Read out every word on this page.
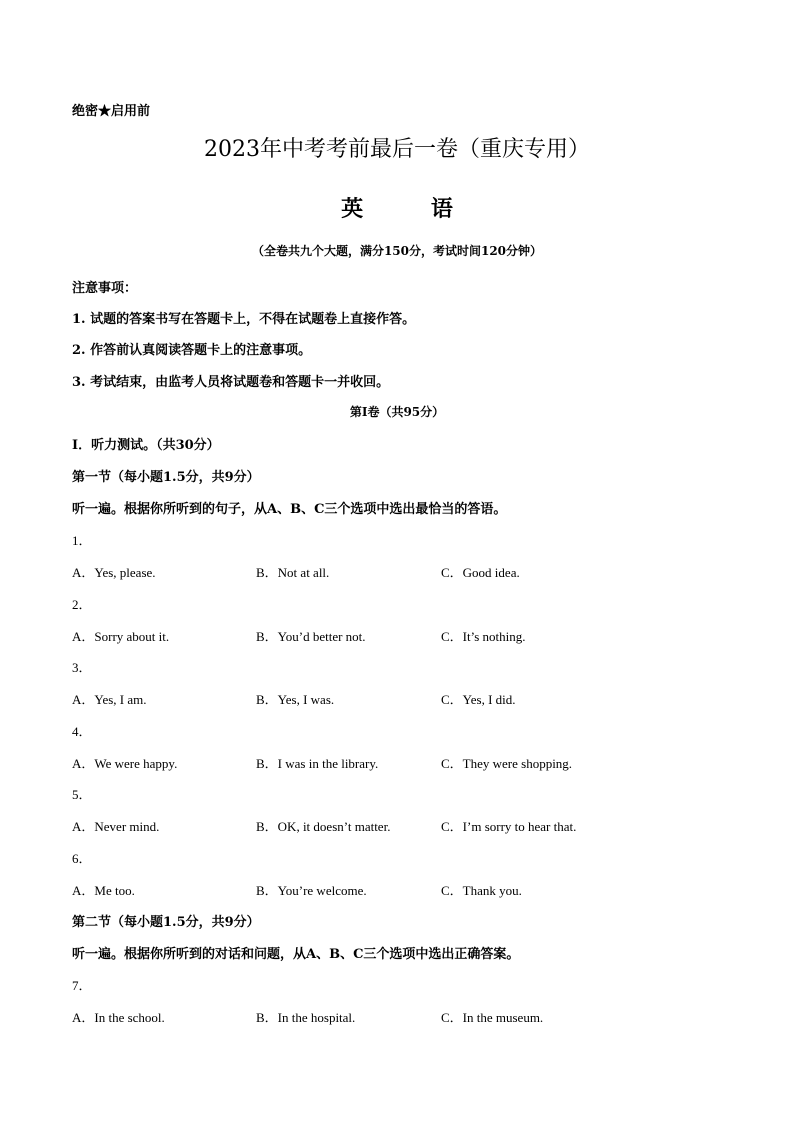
绝密★启用前
2023年中考考前最后一卷（重庆专用）
英 语
（全卷共九个大题，满分150分，考试时间120分钟）
注意事项：
1. 试题的答案书写在答题卡上，不得在试题卷上直接作答。
2. 作答前认真阅读答题卡上的注意事项。
3. 考试结束，由监考人员将试题卷和答题卡一并收回。
第I卷（共95分）
I．听力测试。（共30分）
第一节（每小题1.5分，共9分）
听一遍。根据你所听到的句子，从A、B、C三个选项中选出最恰当的答语。
1．
A．Yes, please.	B．Not at all.	C．Good idea.
2．
A．Sorry about it.	B．You’d better not.	C．It’s nothing.
3．
A．Yes, I am.	B．Yes, I was.	C．Yes, I did.
4．
A．We were happy.	B．I was in the library.	C．They were shopping.
5．
A．Never mind.	B．OK, it doesn’t matter.	C．I’m sorry to hear that.
6．
A．Me too.	B．You’re welcome.	C．Thank you.
第二节（每小题1.5分，共9分）
听一遍。根据你所听到的对话和问题，从A、B、C三个选项中选出正确答案。
7．
A．In the school.	B．In the hospital.	C．In the museum.
